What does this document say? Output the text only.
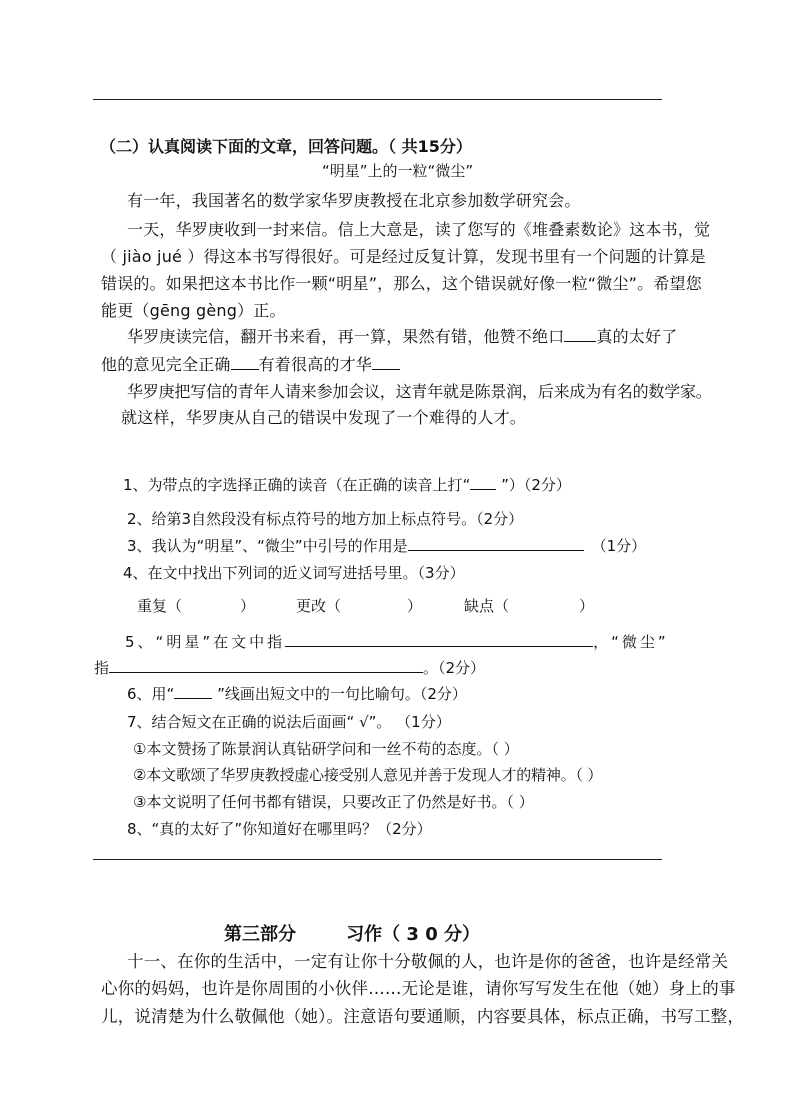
（二）认真阅读下面的文章，回答问题。（ 共15分）
“明星”上的一粒“微尘”
有一年，我国著名的数学家华罗庚教授在北京参加数学研究会。
一天，华罗庚收到一封来信。信上大意是，读了您写的《堆叠素数论》这本书，觉
（ jiào jué ）得这本书写得很好。可是经过反复计算，发现书里有一个问题的计算是
错误的。如果把这本书比作一颗“明星”，那么，这个错误就好像一粒“微尘”。希望您
能更（gēng gèng）正。
华罗庚读完信，翻开书来看，再一算，果然有错，他赞不绝口 真的太好了
他的意见完全正确 有着很高的才华
华罗庚把写信的青年人请来参加会议，这青年就是陈景润，后来成为有名的数学家。
就这样，华罗庚从自己的错误中发现了一个难得的人才。
1、为带点的字选择正确的读音（在正确的读音上打“ ”）（2分）
2、给第3自然段没有标点符号的地方加上标点符号。（2分）
3、我认为“明星”、“微尘”中引号的作用是	（1分）
4、在文中找出下列词的近义词写进括号里。（3分）
重复（	）	更改（	）	缺点（	）
5、“明星”在文中指	，“微尘”
指	。（2分）
6、用“	”线画出短文中的一句比喻句。（2分）
7、结合短文在正确的说法后面画“ √”。 （1分）
①本文赞扬了陈景润认真钻研学问和一丝不苟的态度。（ ）
②本文歌颂了华罗庚教授虚心接受别人意见并善于发现人才的精神。（ ）
③本文说明了任何书都有错误，只要改正了仍然是好书。（ ）
8、“真的太好了”你知道好在哪里吗？（2分）
第三部分        习作（ 3 0 分）
十一、在你的生活中，一定有让你十分敬佩的人，也许是你的爸爸，也许是经常关
心你的妈妈，也许是你周围的小伙伴……无论是谁，请你写写发生在他（她）身上的事
儿，说清楚为什么敬佩他（她）。注意语句要通顺，内容要具体，标点正确，书写工整，
